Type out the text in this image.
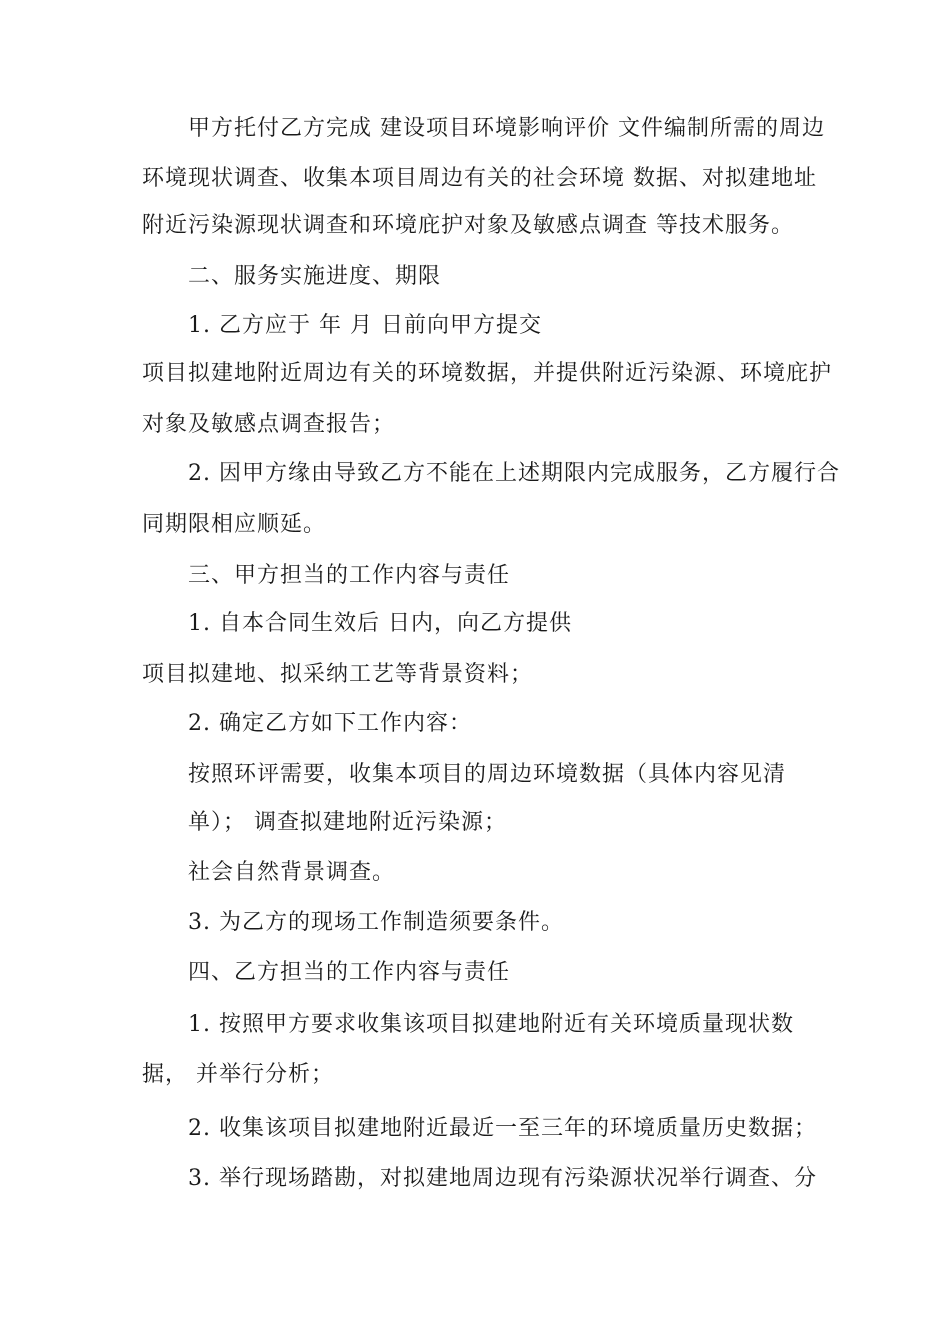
甲方托付乙方完成 建设项目环境影响评价 文件编制所需的周边
环境现状调查、收集本项目周边有关的社会环境 数据、对拟建地址
附近污染源现状调查和环境庇护对象及敏感点调查 等技术服务。
二、服务实施进度、期限
1. 乙方应于 年 月 日前向甲方提交
项目拟建地附近周边有关的环境数据，并提供附近污染源、环境庇护
对象及敏感点调查报告；
2. 因甲方缘由导致乙方不能在上述期限内完成服务，乙方履行合
同期限相应顺延。
三、甲方担当的工作内容与责任
1. 自本合同生效后 日内，向乙方提供
项目拟建地、拟采纳工艺等背景资料；
2. 确定乙方如下工作内容：
按照环评需要，收集本项目的周边环境数据（具体内容见清
单）； 调查拟建地附近污染源；
社会自然背景调查。
3. 为乙方的现场工作制造须要条件。
四、乙方担当的工作内容与责任
1. 按照甲方要求收集该项目拟建地附近有关环境质量现状数
据， 并举行分析；
2. 收集该项目拟建地附近最近一至三年的环境质量历史数据；
3. 举行现场踏勘，对拟建地周边现有污染源状况举行调查、分
